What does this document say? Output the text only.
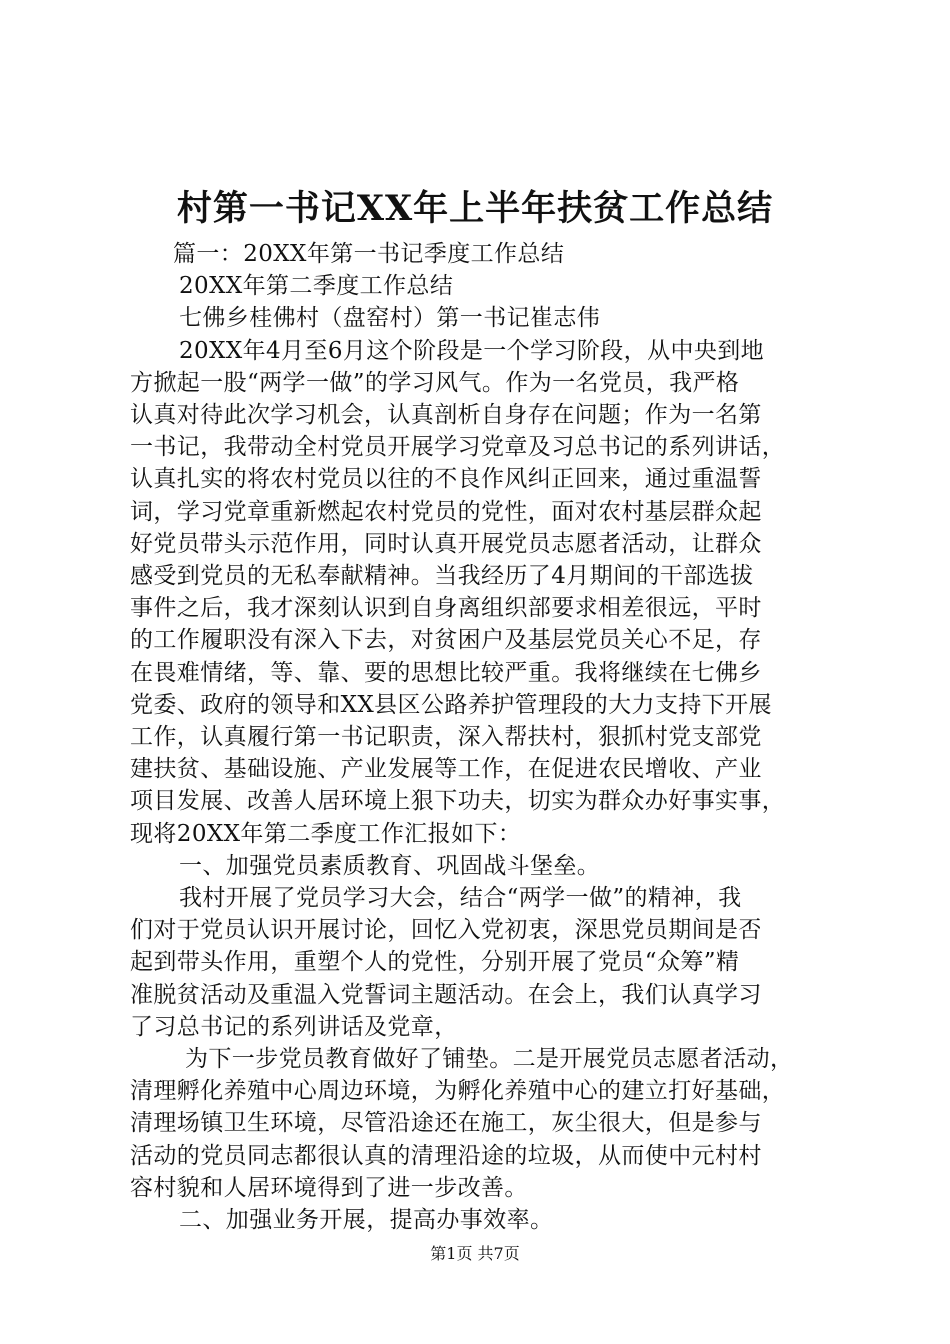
村第一书记XX年上半年扶贫工作总结

篇一：20XX年第一书记季度工作总结

20XX年第二季度工作总结

七佛乡桂佛村（盘窑村）第一书记崔志伟

20XX年4月至6月这个阶段是一个学习阶段，从中央到地

方掀起一股“两学一做”的学习风气。作为一名党员，我严格

认真对待此次学习机会，认真剖析自身存在问题；作为一名第

一书记，我带动全村党员开展学习党章及习总书记的系列讲话，

认真扎实的将农村党员以往的不良作风纠正回来，通过重温誓

词，学习党章重新燃起农村党员的党性，面对农村基层群众起

好党员带头示范作用，同时认真开展党员志愿者活动，让群众

感受到党员的无私奉献精神。当我经历了4月期间的干部选拔

事件之后，我才深刻认识到自身离组织部要求相差很远，平时

的工作履职没有深入下去，对贫困户及基层党员关心不足，存

在畏难情绪，等、靠、要的思想比较严重。我将继续在七佛乡

党委、政府的领导和XX县区公路养护管理段的大力支持下开展

工作，认真履行第一书记职责，深入帮扶村，狠抓村党支部党

建扶贫、基础设施、产业发展等工作，在促进农民增收、产业

项目发展、改善人居环境上狠下功夫，切实为群众办好事实事，

现将20XX年第二季度工作汇报如下：

一、加强党员素质教育、巩固战斗堡垒。

我村开展了党员学习大会，结合“两学一做”的精神，我

们对于党员认识开展讨论，回忆入党初衷，深思党员期间是否

起到带头作用，重塑个人的党性，分别开展了党员“众筹”精

准脱贫活动及重温入党誓词主题活动。在会上，我们认真学习

了习总书记的系列讲话及党章，

为下一步党员教育做好了铺垫。二是开展党员志愿者活动，

清理孵化养殖中心周边环境，为孵化养殖中心的建立打好基础，

清理场镇卫生环境，尽管沿途还在施工，灰尘很大，但是参与

活动的党员同志都很认真的清理沿途的垃圾，从而使中元村村

容村貌和人居环境得到了进一步改善。

二、加强业务开展，提高办事效率。

第1页 共7页
